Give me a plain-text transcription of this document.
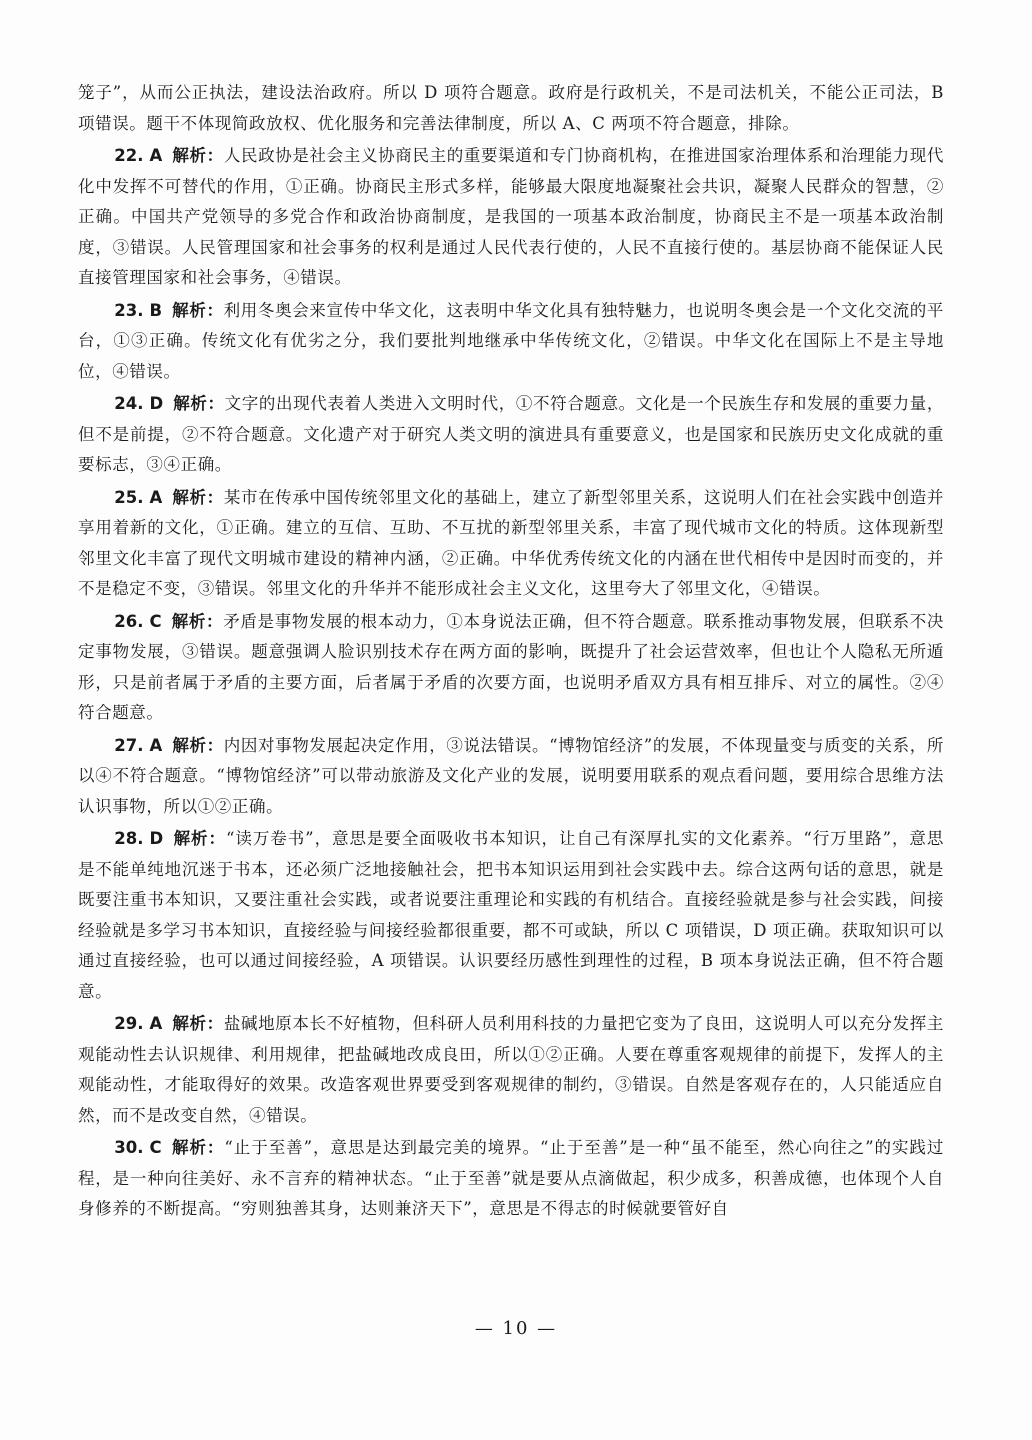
笼子”，从而公正执法，建设法治政府。所以 D 项符合题意。政府是行政机关，不是司法机关，不能公正司法，B 项错误。题干不体现简政放权、优化服务和完善法律制度，所以 A、C 两项不符合题意，排除。

22. A 解析：人民政协是社会主义协商民主的重要渠道和专门协商机构，在推进国家治理体系和治理能力现代化中发挥不可替代的作用，①正确。协商民主形式多样，能够最大限度地凝聚社会共识，凝聚人民群众的智慧，②正确。中国共产党领导的多党合作和政治协商制度，是我国的一项基本政治制度，协商民主不是一项基本政治制度，③错误。人民管理国家和社会事务的权利是通过人民代表行使的，人民不直接行使的。基层协商不能保证人民直接管理国家和社会事务，④错误。

23. B 解析：利用冬奥会来宣传中华文化，这表明中华文化具有独特魅力，也说明冬奥会是一个文化交流的平台，①③正确。传统文化有优劣之分，我们要批判地继承中华传统文化，②错误。中华文化在国际上不是主导地位，④错误。

24. D 解析：文字的出现代表着人类进入文明时代，①不符合题意。文化是一个民族生存和发展的重要力量，但不是前提，②不符合题意。文化遗产对于研究人类文明的演进具有重要意义，也是国家和民族历史文化成就的重要标志，③④正确。

25. A 解析：某市在传承中国传统邻里文化的基础上，建立了新型邻里关系，这说明人们在社会实践中创造并享用着新的文化，①正确。建立的互信、互助、不互扰的新型邻里关系，丰富了现代城市文化的特质。这体现新型邻里文化丰富了现代文明城市建设的精神内涵，②正确。中华优秀传统文化的内涵在世代相传中是因时而变的，并不是稳定不变，③错误。邻里文化的升华并不能形成社会主义文化，这里夸大了邻里文化，④错误。

26. C 解析：矛盾是事物发展的根本动力，①本身说法正确，但不符合题意。联系推动事物发展，但联系不决定事物发展，③错误。题意强调人脸识别技术存在两方面的影响，既提升了社会运营效率，但也让个人隐私无所遁形，只是前者属于矛盾的主要方面，后者属于矛盾的次要方面，也说明矛盾双方具有相互排斥、对立的属性。②④符合题意。

27. A 解析：内因对事物发展起决定作用，③说法错误。“博物馆经济”的发展，不体现量变与质变的关系，所以④不符合题意。“博物馆经济”可以带动旅游及文化产业的发展，说明要用联系的观点看问题，要用综合思维方法认识事物，所以①②正确。

28. D 解析：“读万卷书”，意思是要全面吸收书本知识，让自己有深厚扎实的文化素养。“行万里路”，意思是不能单纯地沉迷于书本，还必须广泛地接触社会，把书本知识运用到社会实践中去。综合这两句话的意思，就是既要注重书本知识，又要注重社会实践，或者说要注重理论和实践的有机结合。直接经验就是参与社会实践，间接经验就是多学习书本知识，直接经验与间接经验都很重要，都不可或缺，所以 C 项错误，D 项正确。获取知识可以通过直接经验，也可以通过间接经验，A 项错误。认识要经历感性到理性的过程，B 项本身说法正确，但不符合题意。

29. A 解析：盐碱地原本长不好植物，但科研人员利用科技的力量把它变为了良田，这说明人可以充分发挥主观能动性去认识规律、利用规律，把盐碱地改成良田，所以①②正确。人要在尊重客观规律的前提下，发挥人的主观能动性，才能取得好的效果。改造客观世界要受到客观规律的制约，③错误。自然是客观存在的，人只能适应自然，而不是改变自然，④错误。

30. C 解析：“止于至善”，意思是达到最完美的境界。“止于至善”是一种“虽不能至，然心向往之”的实践过程，是一种向往美好、永不言弃的精神状态。“止于至善”就是要从点滴做起，积少成多，积善成德，也体现个人自身修养的不断提高。“穷则独善其身，达则兼济天下”，意思是不得志的时候就要管好自

— 10 —
